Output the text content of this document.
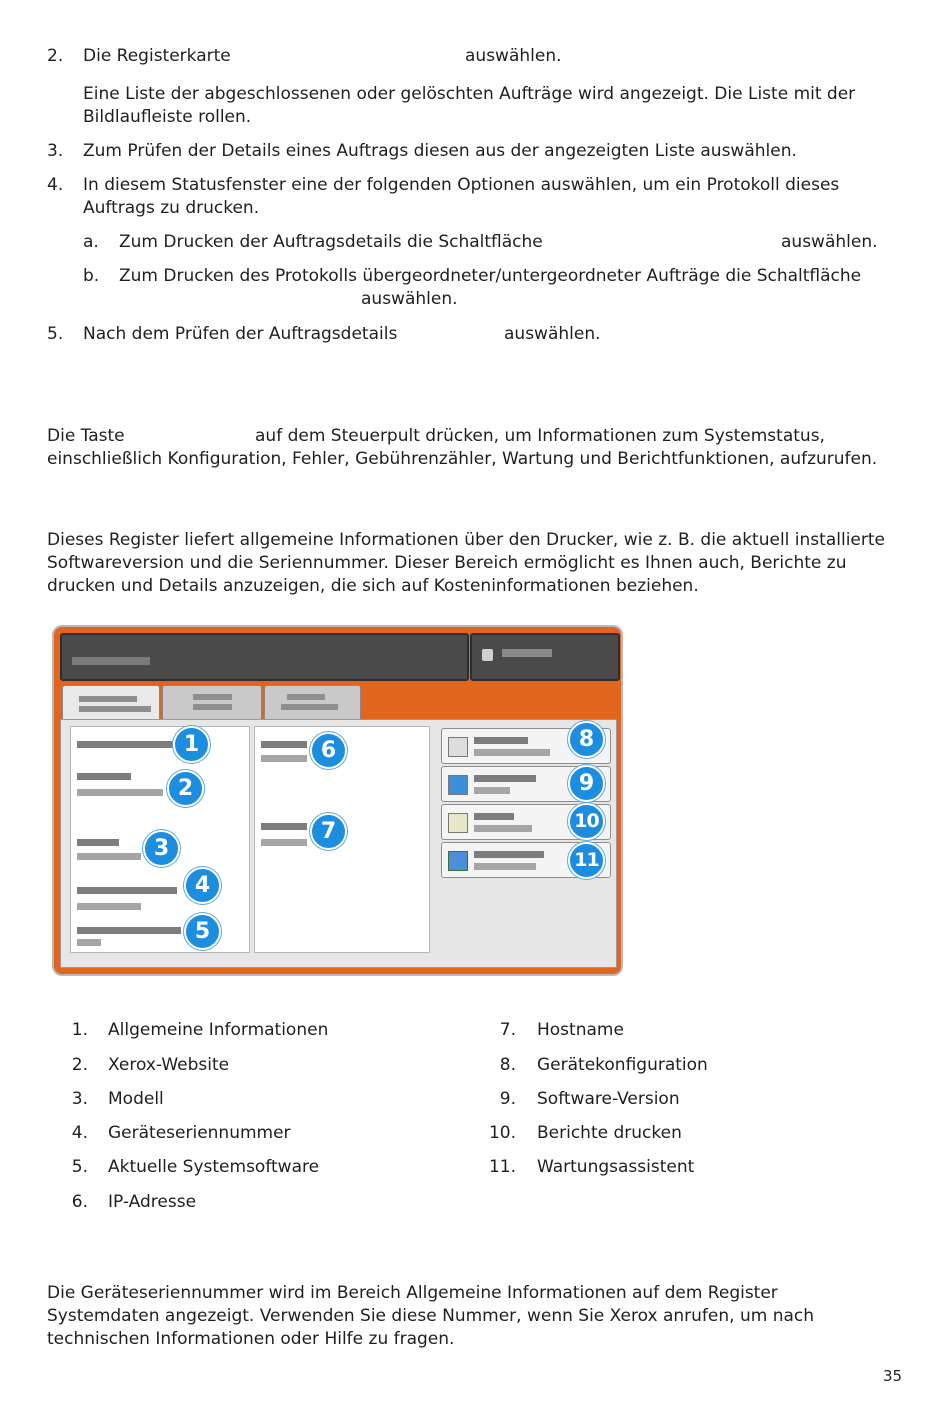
2. Die Registerkarte	auswählen.
Eine Liste der abgeschlossenen oder gelöschten Aufträge wird angezeigt. Die Liste mit der
Bildlaufleiste rollen.
3. Zum Prüfen der Details eines Auftrags diesen aus der angezeigten Liste auswählen.
4. In diesem Statusfenster eine der folgenden Optionen auswählen, um ein Protokoll dieses
Auftrags zu drucken.
a. Zum Drucken der Auftragsdetails die Schaltfläche	auswählen.
b. Zum Drucken des Protokolls übergeordneter/untergeordneter Aufträge die Schaltfläche
auswählen.
5. Nach dem Prüfen der Auftragsdetails	auswählen.
Die Taste	auf dem Steuerpult drücken, um Informationen zum Systemstatus,
einschließlich Konfiguration, Fehler, Gebührenzähler, Wartung und Berichtfunktionen, aufzurufen.
Dieses Register liefert allgemeine Informationen über den Drucker, wie z. B. die aktuell installierte
Softwareversion und die Seriennummer. Dieser Bereich ermöglicht es Ihnen auch, Berichte zu
drucken und Details anzuzeigen, die sich auf Kosteninformationen beziehen.
1
2
3
4
5
6
7
8
9
10
11
1. Allgemeine Informationen
2. Xerox-Website
3. Modell
4. Geräteseriennummer
5. Aktuelle Systemsoftware
6. IP-Adresse
7. Hostname
8. Gerätekonfiguration
9. Software-Version
10. Berichte drucken
11. Wartungsassistent
Die Geräteseriennummer wird im Bereich Allgemeine Informationen auf dem Register
Systemdaten angezeigt. Verwenden Sie diese Nummer, wenn Sie Xerox anrufen, um nach
technischen Informationen oder Hilfe zu fragen.
35
